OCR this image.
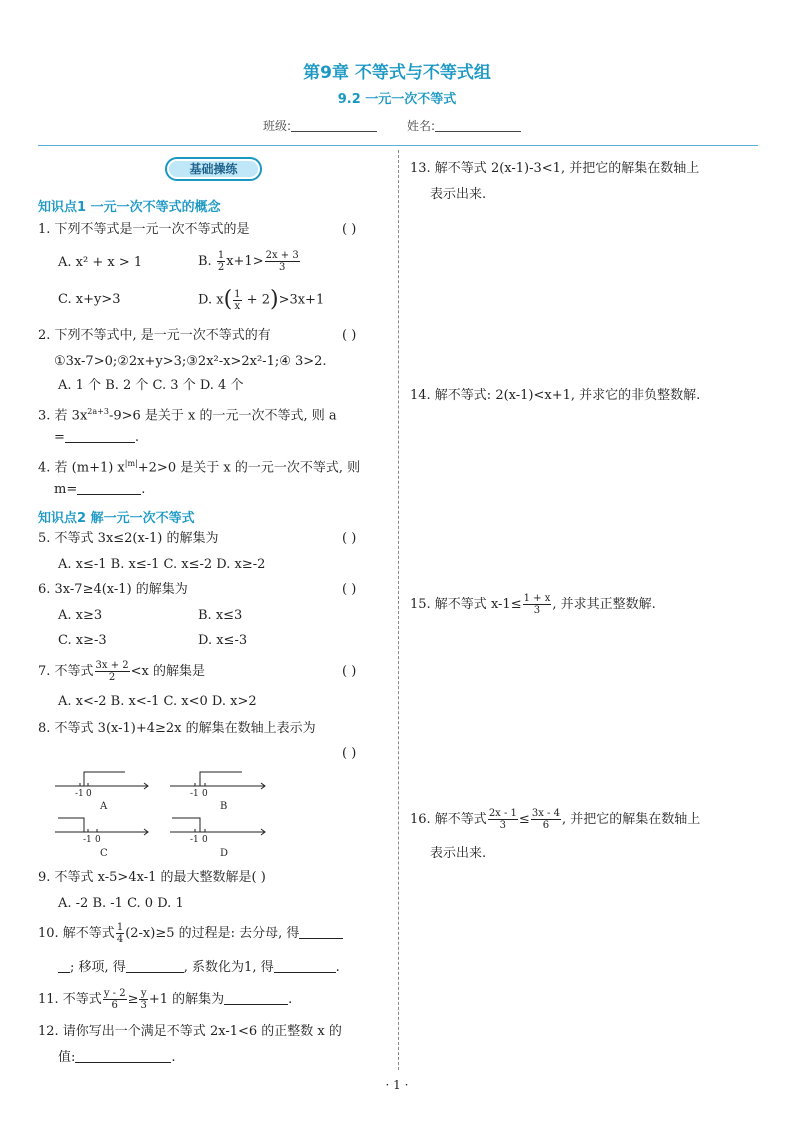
第9章 不等式与不等式组
9.2 一元一次不等式
班级:	姓名:
基础操练
知识点1 一元一次不等式的概念
1. 下列不等式是一元一次不等式的是	( )
A. x² + x > 1	B. $\frac{1}{2} x+1> \frac{2x + 3}{3}$
C. x+y>3	D. $x( \frac{1}{x} + 2)>3x+1$
2. 下列不等式中, 是一元一次不等式的有	( )
①3x-7>0;②2x+y>3;③2x²-x>2x²-1;④ 3>2.
A. 1 个 B. 2 个 C. 3 个 D. 4 个
3. 若 $3x^{2a+3}-9>6$ 是关于 x 的一元一次不等式, 则 a
=	.
4. 若 (m+1) $x^{|m|}+2>0$ 是关于 x 的一元一次不等式, 则
m=	.
知识点2 解一元一次不等式
5. 不等式 3x≤2(x-1) 的解集为	( )
A. x≤-1 B. x≤-1 C. x≤-2 D. x≥-2
6. 3x-7≥4(x-1) 的解集为	( )
A. x≥3	B. x≤3
C. x≥-3	D. x≤-3
7. 不等式 $\frac{3x + 2}{2} <x$ 的解集是	( )
A. x<-2 B. x<-1 C. x<0 D. x>2
8. 不等式 3(x-1)+4≥2x 的解集在数轴上表示为
( )
-1 0
A
-1 0
B
-1 0
C
-1 0
D
9. 不等式 x-5>4x-1 的最大整数解是( )
A. -2 B. -1 C. 0 D. 1
10. 解不等式 $\frac{1}{4} (2-x)\ge 5$ 的过程是: 去分母, 得
; 移项, 得	, 系数化为1, 得	.
11. 不等式 $\frac{y - 2}{6} \ge \frac{y}{3} +1$ 的解集为	.
12. 请你写出一个满足不等式 2x-1<6 的正整数 x 的
值:	.
13. 解不等式 2(x-1)-3<1, 并把它的解集在数轴上
表示出来.
14. 解不等式: 2(x-1)<x+1, 并求它的非负整数解.
15. 解不等式 $x-1\le \frac{1 + x}{3}$ , 并求其正整数解.
16. 解不等式 $\frac{2x - 1}{3} \le \frac{3x - 4}{6}$ , 并把它的解集在数轴上
表示出来.
· 1 ·
